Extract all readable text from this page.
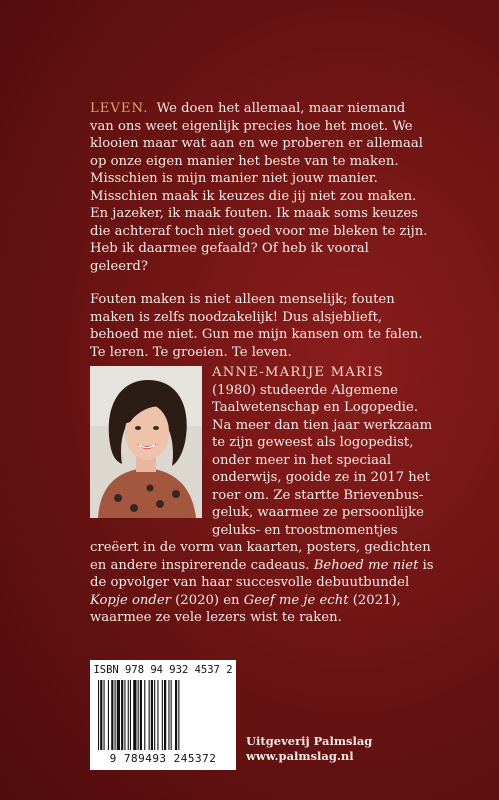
LEVEN. We doen het allemaal, maar niemand van ons weet eigenlijk precies hoe het moet. We klooien maar wat aan en we proberen er allemaal op onze eigen manier het beste van te maken. Misschien is mijn manier niet jouw manier. Misschien maak ik keuzes die jij niet zou maken. En jazeker, ik maak fouten. Ik maak soms keuzes die achteraf toch niet goed voor me bleken te zijn. Heb ik daarmee gefaald? Of heb ik vooral geleerd?

Fouten maken is niet alleen menselijk; fouten maken is zelfs noodzakelijk! Dus alsjeblieft, behoed me niet. Gun me mijn kansen om te falen. Te leren. Te groeien. Te leven.

ANNE-MARIJE MARIS
(1980) studeerde Algemene Taalwetenschap en Logopedie. Na meer dan tien jaar werkzaam te zijn geweest als logopedist, onder meer in het speciaal onderwijs, gooide ze in 2017 het roer om. Ze startte Brievenbus-geluk, waarmee ze persoonlijke geluks- en troostmomentjes creëert in de vorm van kaarten, posters, gedichten en andere inspirerende cadeaus. Behoed me niet is de opvolger van haar succesvolle debuutbundel Kopje onder (2020) en Geef me je echt (2021), waarmee ze vele lezers wist te raken.
ISBN 978 94 932 4537 2
9 789493 245372
Uitgeverij Palmslag
www.palmslag.nl
